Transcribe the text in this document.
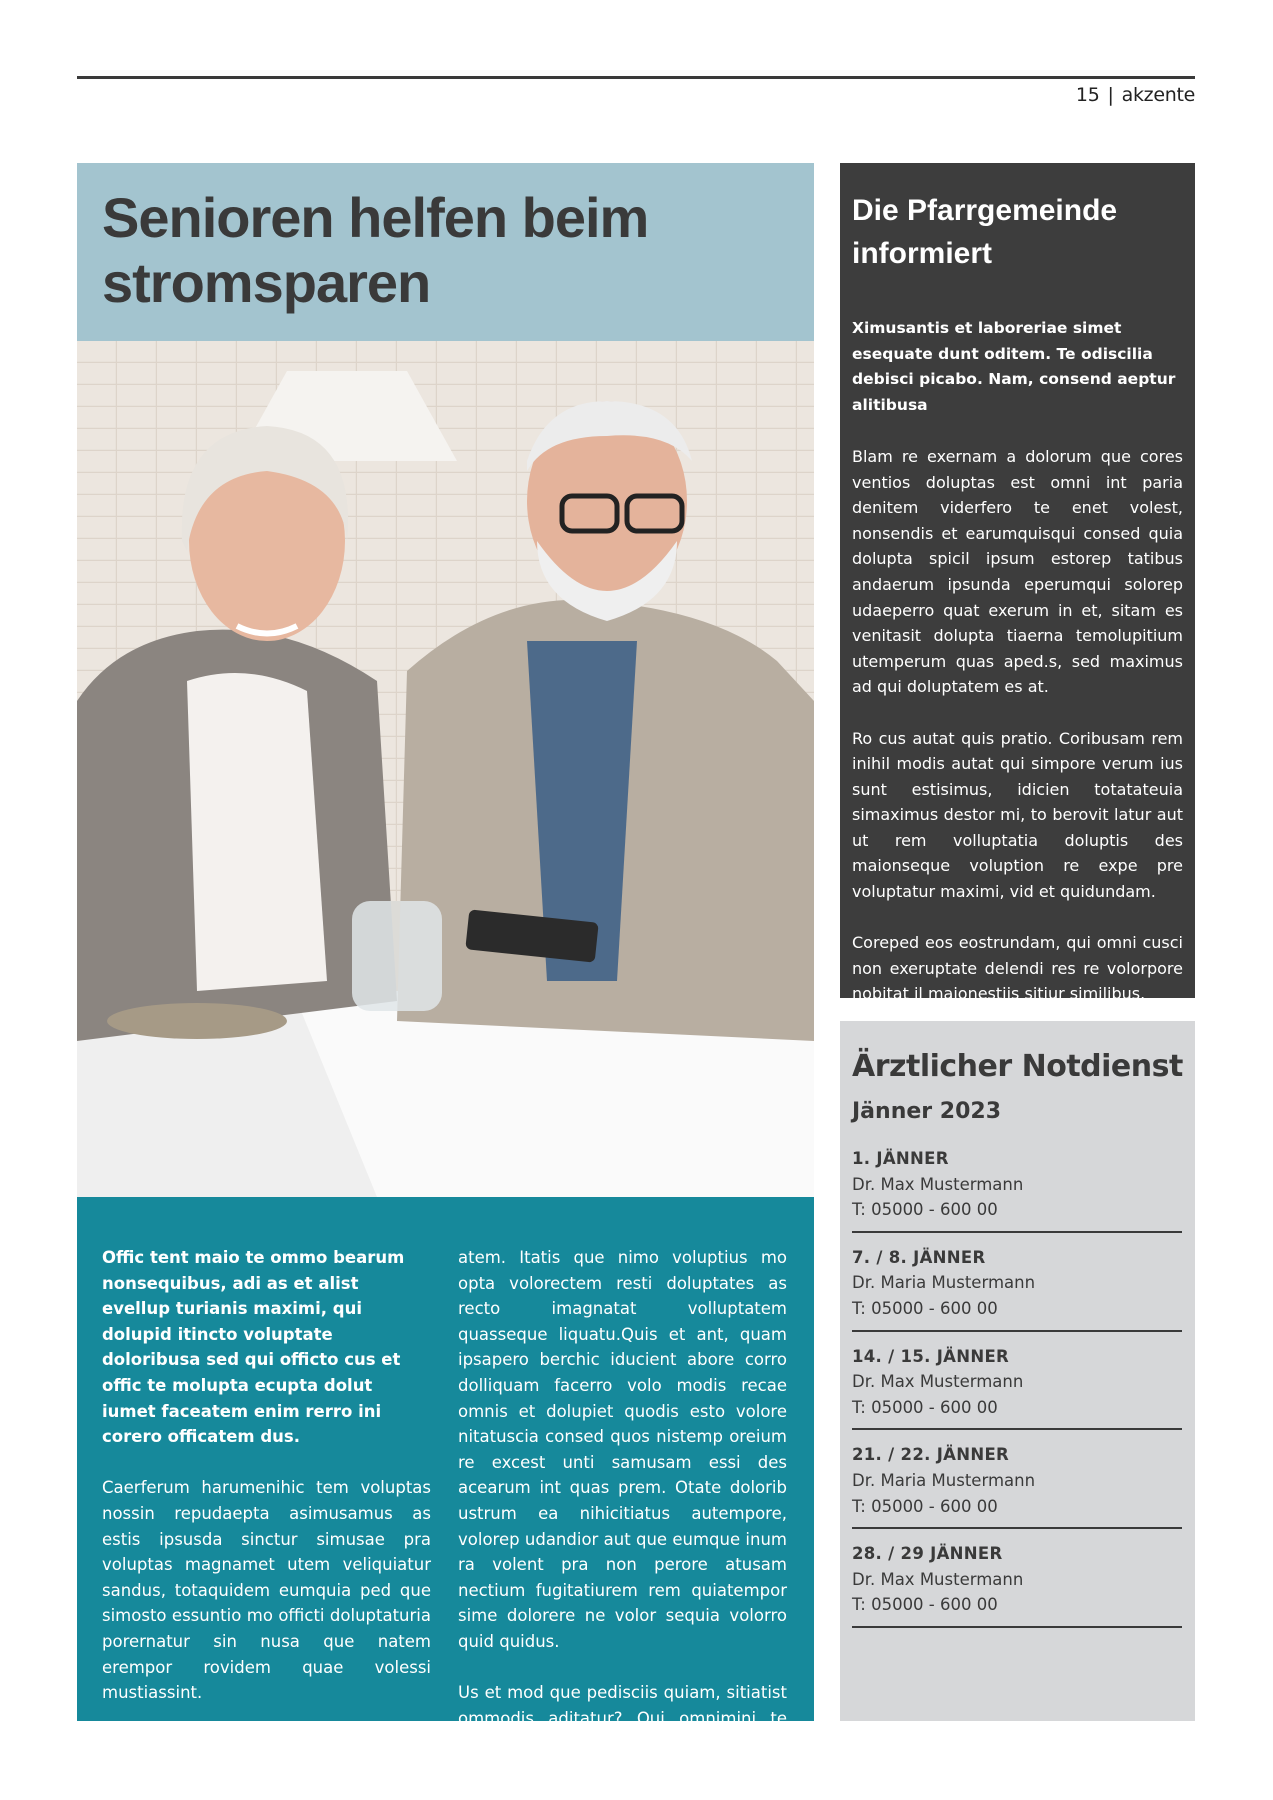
15 | akzente
Senioren helfen beim
stromsparen

Offic tent maio te ommo bearum nonsequibus, adi as et alist evellup turianis maximi, qui dolupid itincto voluptate doloribusa sed qui officto cus et offic te molupta ecupta dolut iumet faceatem enim rerro ini corero officatem dus.

Caerferum harumenihic tem voluptas nossin repudaepta asimusamus as estis ipsusda sinctur simusae pra voluptas magnamet utem veliquiatur sandus, totaquidem eumquia ped que simosto essuntio mo officti doluptaturia porernatur sin nusa que natem erempor rovidem quae volessi mustiassint.

Id eos maximuscium laut re nis a dolupt

atem. Itatis que nimo voluptius mo opta volorectem resti doluptates as recto imagnatat volluptatem quasseque liquatu.Quis et ant, quam ipsapero berchic iducient abore corro dolliquam facerro volo modis recae omnis et dolupiet quodis esto volore nitatuscia consed quos nistemp oreium re excest unti samusam essi des acearum int quas prem. Otate dolorib ustrum ea nihicitiatus autempore, volorep udandior aut que eumque inum ra volent pra non perore atusam nectium fugitatiurem rem quiatempor sime dolorere ne volor sequia volorro quid quidus.

Us et mod que pedisciis quiam, sitiatist ommodis aditatur? Qui omnimini te pro.

Die Pfarrgemeinde informiert

Ximusantis et laboreriae simet esequate dunt oditem. Te odiscilia debisci picabo. Nam, consend aeptur alitibusa

Blam re exernam a dolorum que cores ventios doluptas est omni int paria denitem viderfero te enet volest, nonsendis et earumquisqui consed quia dolupta spicil ipsum estorep tatibus andaerum ipsunda eperumqui solorep udaeperro quat exerum in et, sitam es venitasit dolupta tiaerna temolupitium utemperum quas aped.s, sed maximus ad qui doluptatem es at.

Ro cus autat quis pratio. Coribusam rem inihil modis autat qui simpore verum ius sunt estisimus, idicien totatateuia simaximus destor mi, to berovit latur aut ut rem volluptatia doluptis des maionseque voluption re expe pre voluptatur maximi, vid et quidundam.

Coreped eos eostrundam, qui omni cusci non exeruptate delendi res re volorpore nobitat il maionestiis sitiur similibus.

Ärztlicher Notdienst
Jänner 2023
1. JÄNNER
Dr. Max Mustermann
T: 05000 - 600 00
7. / 8. JÄNNER
Dr. Maria Mustermann
T: 05000 - 600 00
14. / 15. JÄNNER
Dr. Max Mustermann
T: 05000 - 600 00
21. / 22. JÄNNER
Dr. Maria Mustermann
T: 05000 - 600 00
28. / 29 JÄNNER
Dr. Max Mustermann
T: 05000 - 600 00
